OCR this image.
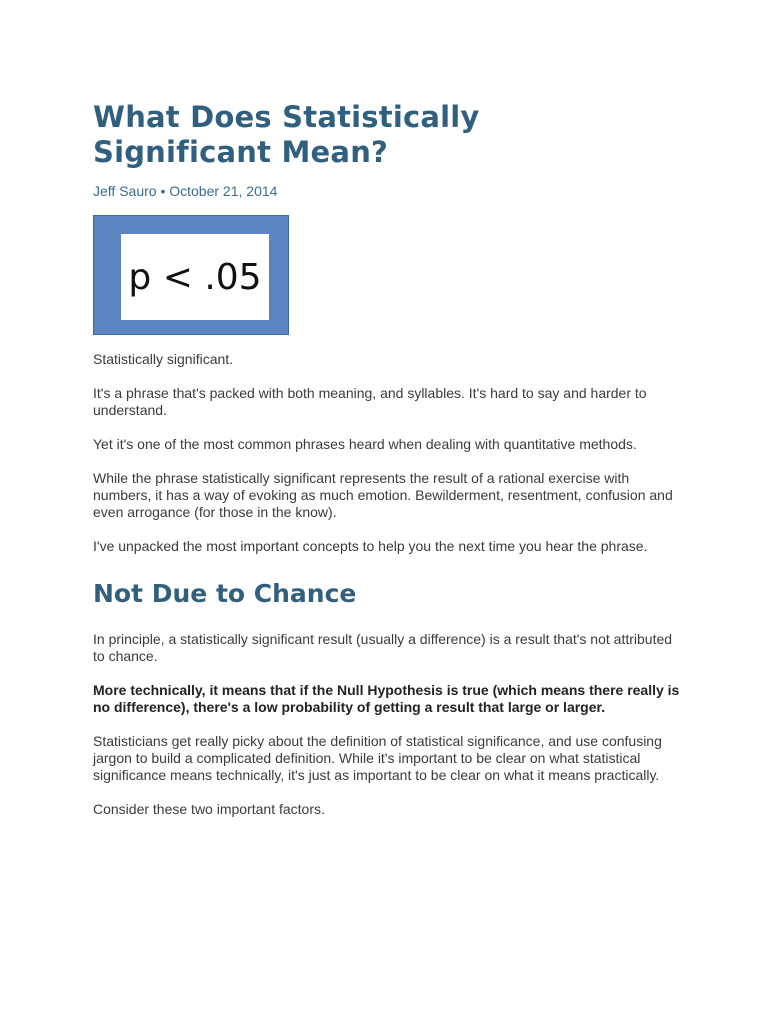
What Does Statistically
Significant Mean?
Jeff Sauro • October 21, 2014
p < .05

Statistically significant.

It's a phrase that's packed with both meaning, and syllables. It's hard to say and harder to understand.

Yet it's one of the most common phrases heard when dealing with quantitative methods.

While the phrase statistically significant represents the result of a rational exercise with numbers, it has a way of evoking as much emotion. Bewilderment, resentment, confusion and even arrogance (for those in the know).

I've unpacked the most important concepts to help you the next time you hear the phrase.

Not Due to Chance

In principle, a statistically significant result (usually a difference) is a result that's not attributed to chance.

More technically, it means that if the Null Hypothesis is true (which means there really is no difference), there's a low probability of getting a result that large or larger.

Statisticians get really picky about the definition of statistical significance, and use confusing jargon to build a complicated definition. While it's important to be clear on what statistical significance means technically, it's just as important to be clear on what it means practically.

Consider these two important factors.
